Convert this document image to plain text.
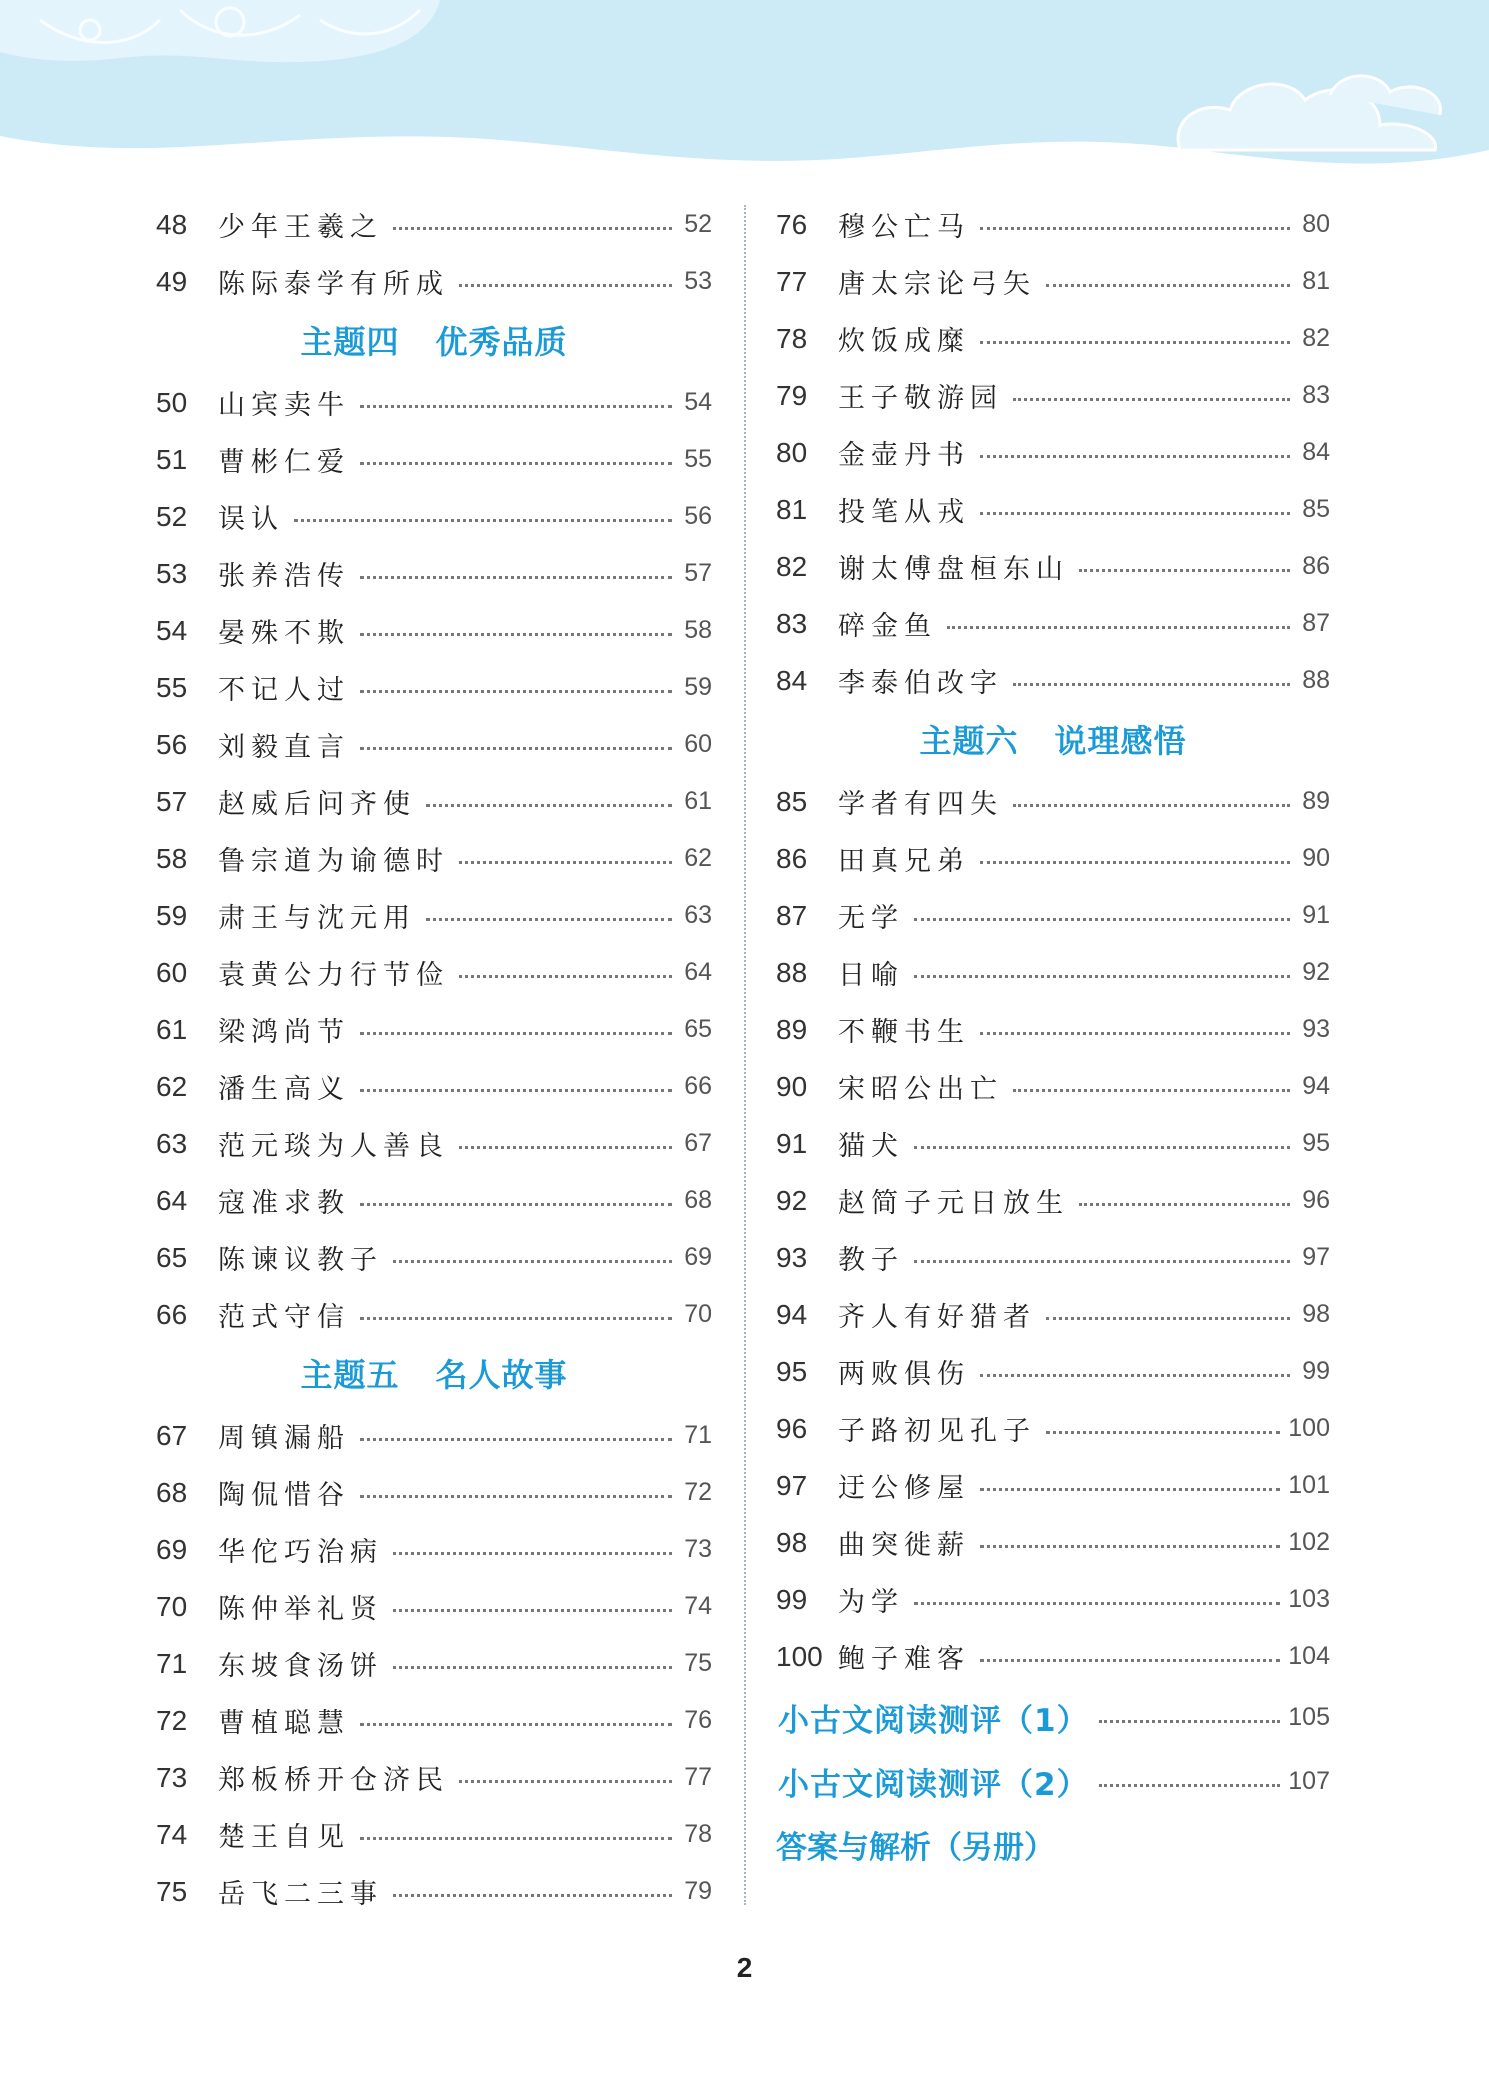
48	少年王羲之	52
49	陈际泰学有所成	53
主题四 优秀品质
50	山宾卖牛	54
51	曹彬仁爱	55
52	误认	56
53	张养浩传	57
54	晏殊不欺	58
55	不记人过	59
56	刘毅直言	60
57	赵威后问齐使	61
58	鲁宗道为谕德时	62
59	肃王与沈元用	63
60	袁黄公力行节俭	64
61	梁鸿尚节	65
62	潘生高义	66
63	范元琰为人善良	67
64	寇准求教	68
65	陈谏议教子	69
66	范式守信	70
主题五 名人故事
67	周镇漏船	71
68	陶侃惜谷	72
69	华佗巧治病	73
70	陈仲举礼贤	74
71	东坡食汤饼	75
72	曹植聪慧	76
73	郑板桥开仓济民	77
74	楚王自见	78
75	岳飞二三事	79
76	穆公亡马	80
77	唐太宗论弓矢	81
78	炊饭成糜	82
79	王子敬游园	83
80	金壶丹书	84
81	投笔从戎	85
82	谢太傅盘桓东山	86
83	碎金鱼	87
84	李泰伯改字	88
主题六 说理感悟
85	学者有四失	89
86	田真兄弟	90
87	无学	91
88	日喻	92
89	不鞭书生	93
90	宋昭公出亡	94
91	猫犬	95
92	赵简子元日放生	96
93	教子	97
94	齐人有好猎者	98
95	两败俱伤	99
96	子路初见孔子	100
97	迂公修屋	101
98	曲突徙薪	102
99	为学	103
100 鲍子难客	104
小古文阅读测评（1）	105
小古文阅读测评（2）	107
答案与解析（另册）
2
